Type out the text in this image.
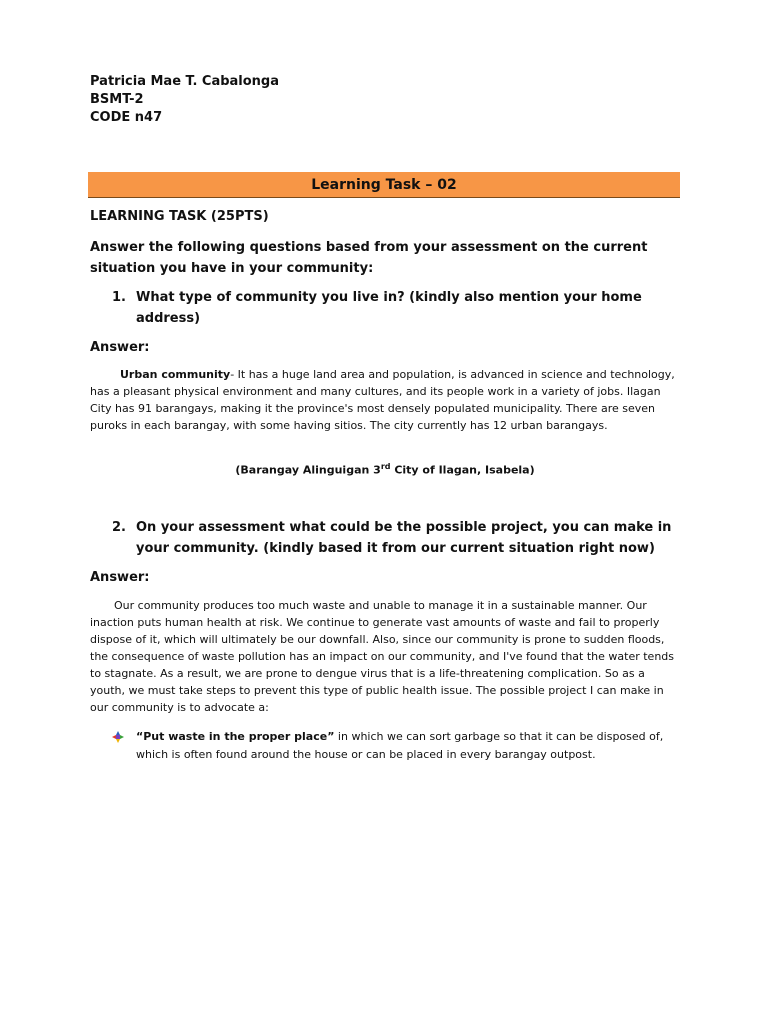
Patricia Mae T. Cabalonga
BSMT-2
CODE n47
Learning Task – 02
LEARNING TASK (25PTS)
Answer the following questions based from your assessment on the current situation you have in your community:
1. What type of community you live in? (kindly also mention your home address)
Answer:
Urban community- It has a huge land area and population, is advanced in science and technology, has a pleasant physical environment and many cultures, and its people work in a variety of jobs. Ilagan City has 91 barangays, making it the province's most densely populated municipality. There are seven puroks in each barangay, with some having sitios. The city currently has 12 urban barangays.
(Barangay Alinguigan 3rd City of Ilagan, Isabela)
2. On your assessment what could be the possible project, you can make in your community. (kindly based it from our current situation right now)
Answer:
Our community produces too much waste and unable to manage it in a sustainable manner. Our inaction puts human health at risk. We continue to generate vast amounts of waste and fail to properly dispose of it, which will ultimately be our downfall. Also, since our community is prone to sudden floods, the consequence of waste pollution has an impact on our community, and I've found that the water tends to stagnate. As a result, we are prone to dengue virus that is a life-threatening complication. So as a youth, we must take steps to prevent this type of public health issue. The possible project I can make in our community is to advocate a:
“Put waste in the proper place” in which we can sort garbage so that it can be disposed of, which is often found around the house or can be placed in every barangay outpost.
